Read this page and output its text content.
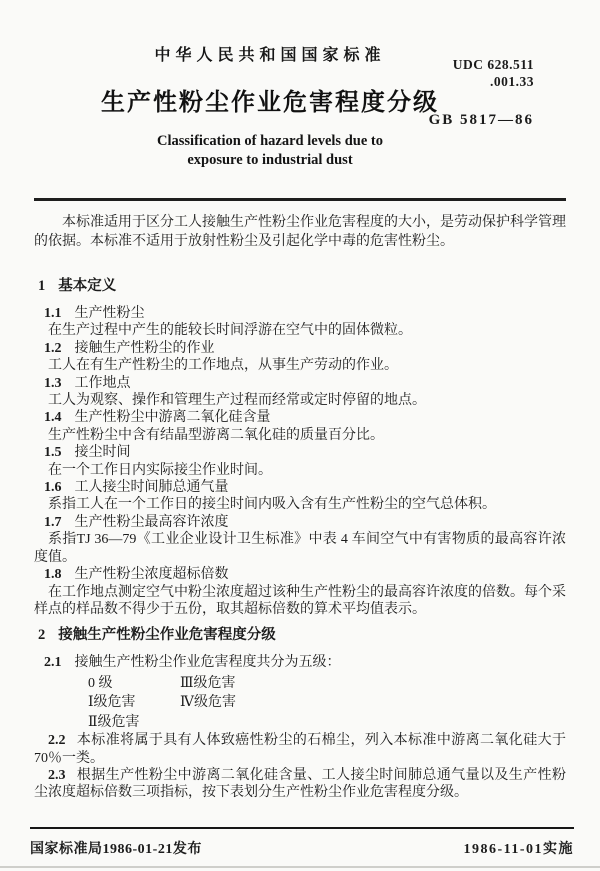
中华人民共和国国家标准
生产性粉尘作业危害程度分级
Classification of hazard levels due to
exposure to industrial dust
UDC 628.511
.001.33
GB 5817—86

本标准适用于区分工人接触生产性粉尘作业危害程度的大小，是劳动保护科学管理的依据。本标准不适用于放射性粉尘及引起化学中毒的危害性粉尘。

1 基本定义

1.1 生产性粉尘

在生产过程中产生的能较长时间浮游在空气中的固体微粒。

1.2 接触生产性粉尘的作业

工人在有生产性粉尘的工作地点，从事生产劳动的作业。

1.3 工作地点

工人为观察、操作和管理生产过程而经常或定时停留的地点。

1.4 生产性粉尘中游离二氧化硅含量

生产性粉尘中含有结晶型游离二氧化硅的质量百分比。

1.5 接尘时间

在一个工作日内实际接尘作业时间。

1.6 工人接尘时间肺总通气量

系指工人在一个工作日的接尘时间内吸入含有生产性粉尘的空气总体积。

1.7 生产性粉尘最高容许浓度

系指TJ 36—79《工业企业设计卫生标准》中表 4 车间空气中有害物质的最高容许浓度值。

1.8 生产性粉尘浓度超标倍数

在工作地点测定空气中粉尘浓度超过该种生产性粉尘的最高容许浓度的倍数。每个采样点的样品数不得少于五份，取其超标倍数的算术平均值表示。

2 接触生产性粉尘作业危害程度分级

2.1 接触生产性粉尘作业危害程度共分为五级：

0 级	Ⅲ级危害
Ⅰ级危害	Ⅳ级危害
Ⅱ级危害

2.2 本标准将属于具有人体致癌性粉尘的石棉尘，列入本标准中游离二氧化硅大于70％一类。

2.3 根据生产性粉尘中游离二氧化硅含量、工人接尘时间肺总通气量以及生产性粉尘浓度超标倍数三项指标，按下表划分生产性粉尘作业危害程度分级。

国家标准局1986-01-21发布	1986-11-01实施
